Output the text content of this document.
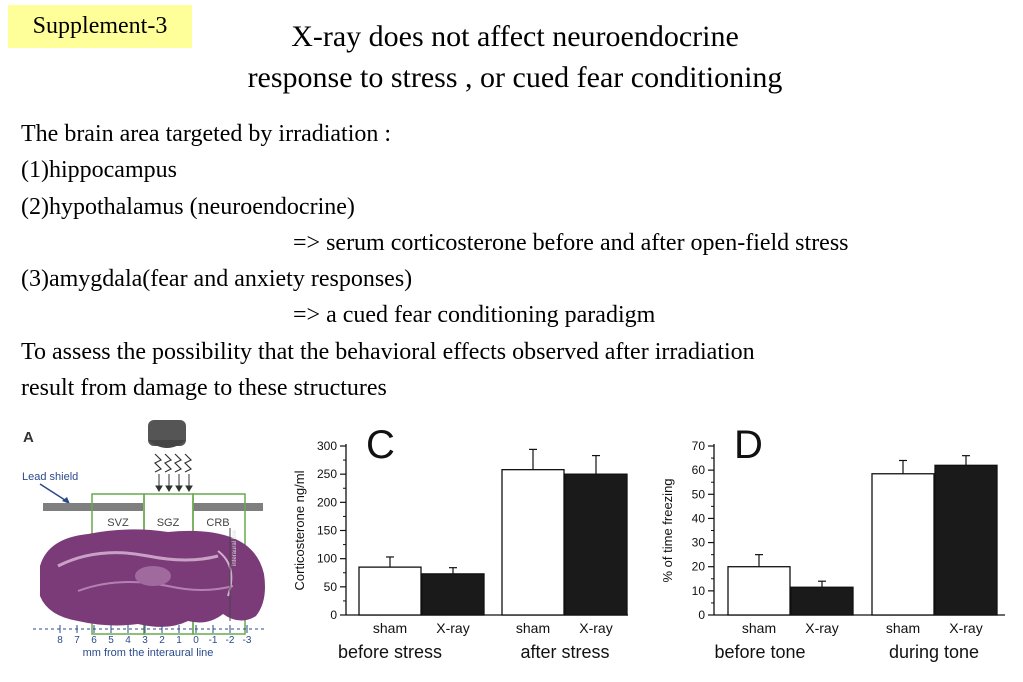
Supplement-3	X-ray does not affect neuroendocrine
response to stress , or cued fear conditioning
The brain area targeted by irradiation :
(1)hippocampus
(2)hypothalamus (neuroendocrine)
=> serum corticosterone before and after open-field stress
(3)amygdala(fear and anxiety responses)
=> a cued fear conditioning paradigm
To assess the possibility that the behavioral effects observed after irradiation
result from damage to these structures
A
Lead shield
SVZ	SGZ CRB
interaural line
8 7 6 5 4 3 2 1 0 -1 -2 -3
mm from the interaural line
C
0
50
100
150
200
250
300
Corticosterone ng/ml
sham X-ray	sham X-ray
before stress	after stress
D
0
10
20
30
40
50
60
70
% of time freezing
sham X-ray	sham X-ray
before tone	during tone
